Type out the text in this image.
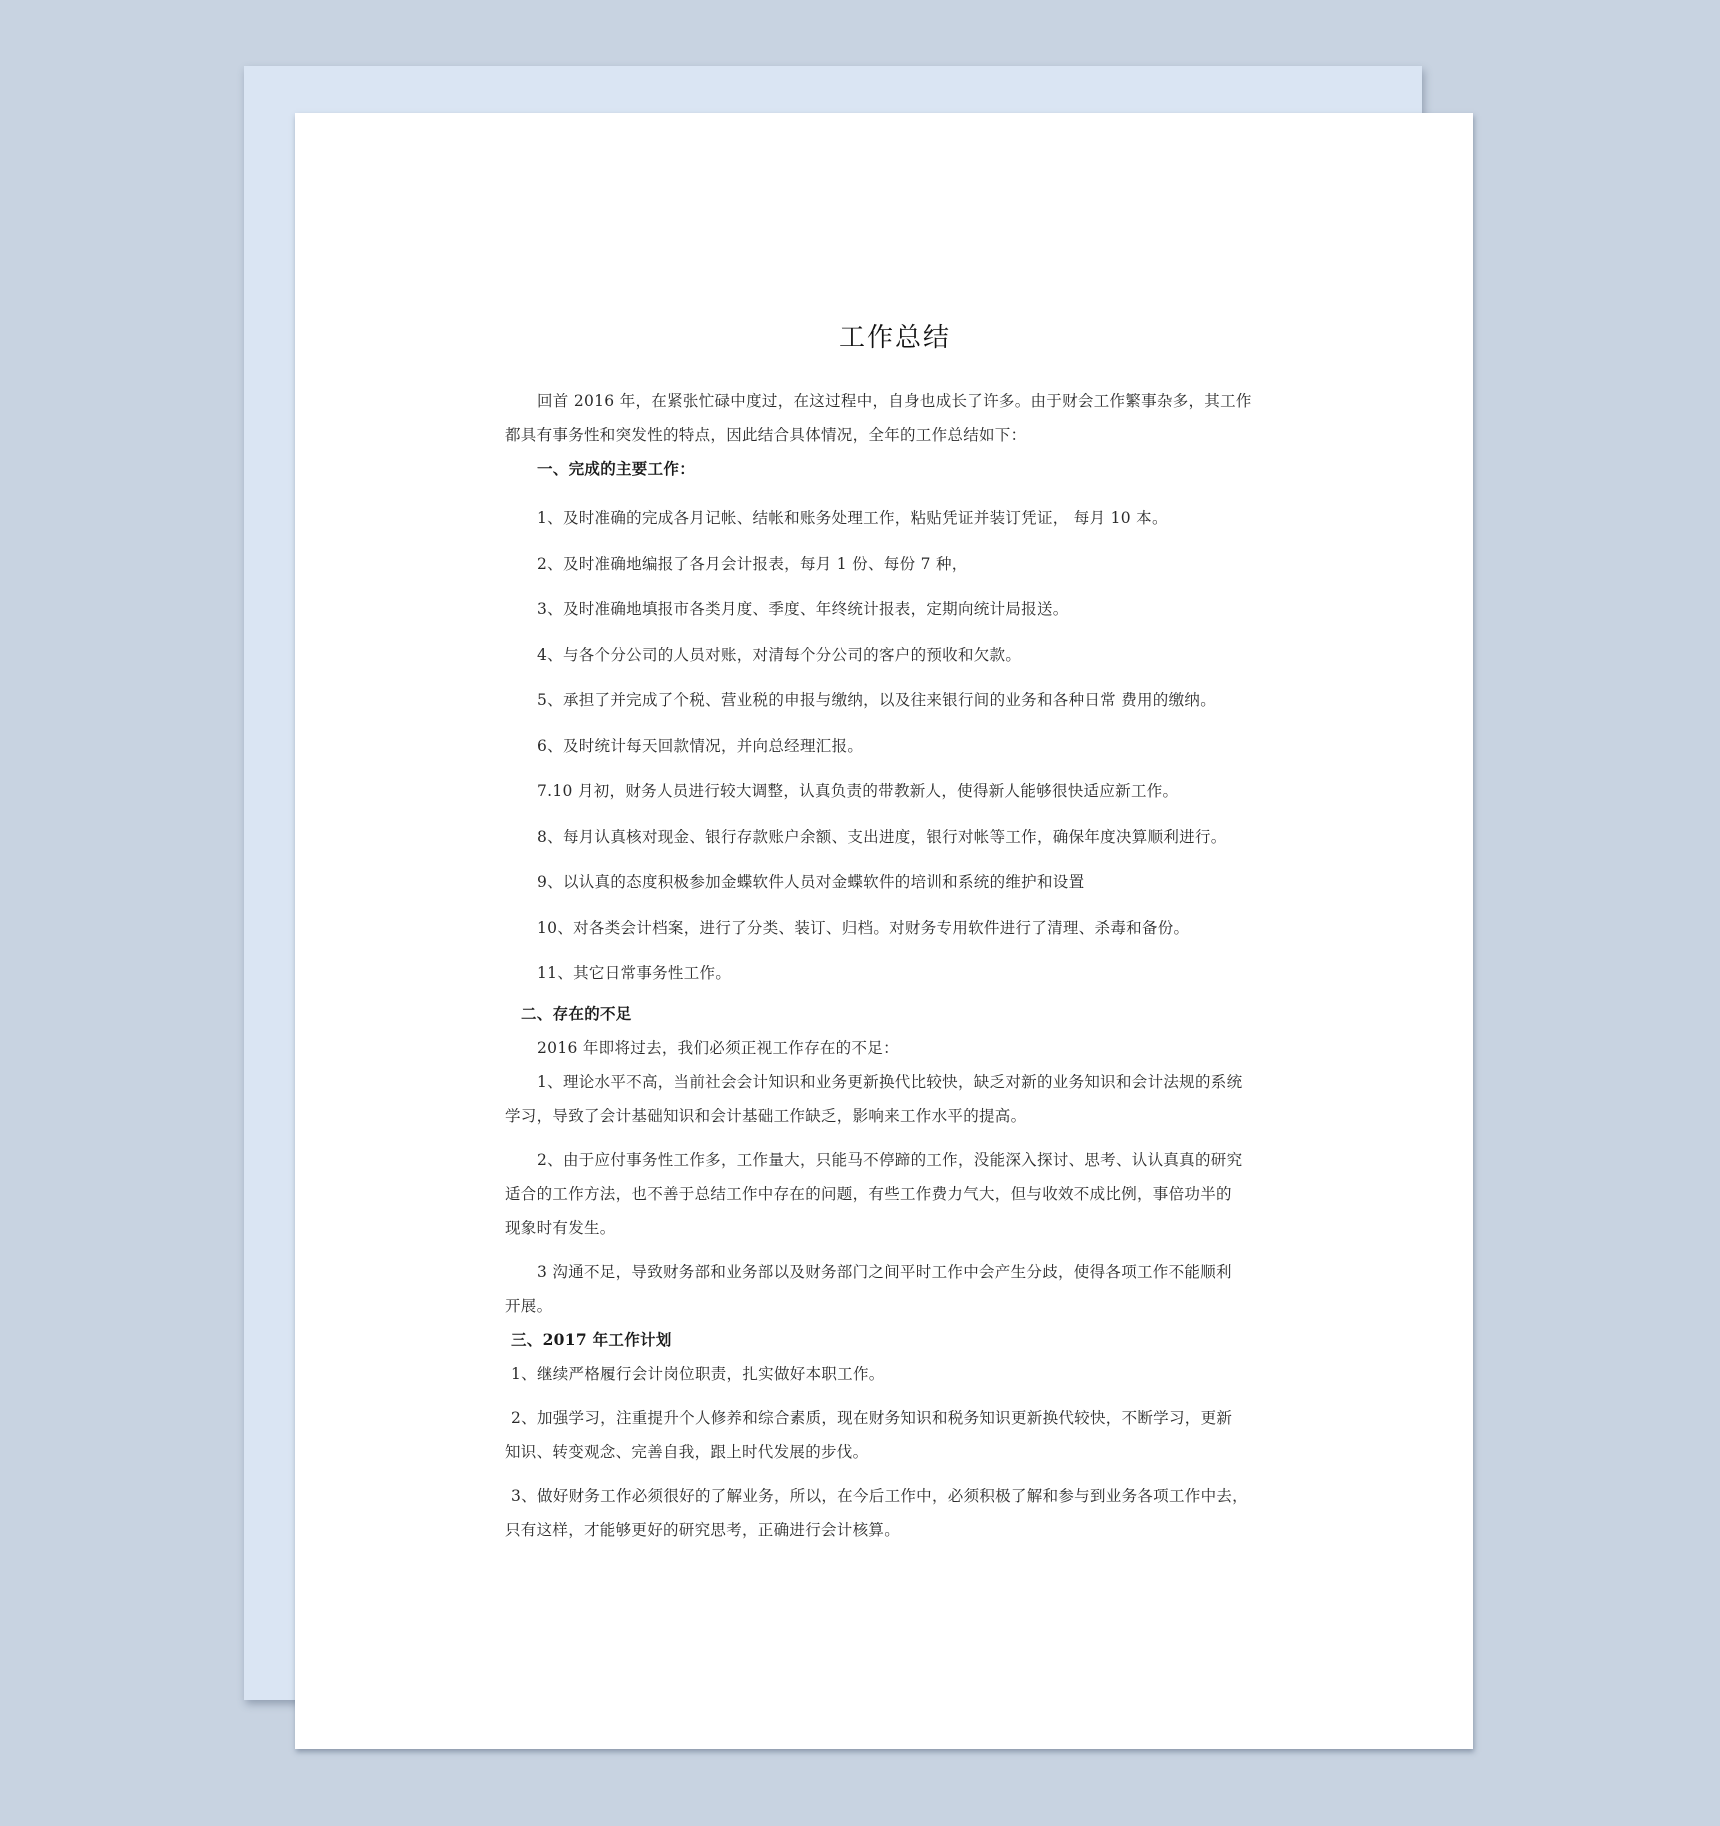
工作总结

回首 2016 年，在紧张忙碌中度过，在这过程中，自身也成长了许多。由于财会工作繁事杂多，其工作

都具有事务性和突发性的特点，因此结合具体情况，全年的工作总结如下：

一、完成的主要工作：

1、及时准确的完成各月记帐、结帐和账务处理工作，粘贴凭证并装订凭证， 每月 10 本。

2、及时准确地编报了各月会计报表，每月 1 份、每份 7 种，

3、及时准确地填报市各类月度、季度、年终统计报表，定期向统计局报送。

4、与各个分公司的人员对账，对清每个分公司的客户的预收和欠款。

5、承担了并完成了个税、营业税的申报与缴纳，以及往来银行间的业务和各种日常 费用的缴纳。

6、及时统计每天回款情况，并向总经理汇报。

7.10 月初，财务人员进行较大调整，认真负责的带教新人，使得新人能够很快适应新工作。

8、每月认真核对现金、银行存款账户余额、支出进度，银行对帐等工作，确保年度决算顺利进行。

9、以认真的态度积极参加金蝶软件人员对金蝶软件的培训和系统的维护和设置

10、对各类会计档案，进行了分类、装订、归档。对财务专用软件进行了清理、杀毒和备份。

11、其它日常事务性工作。

二、存在的不足

2016 年即将过去，我们必须正视工作存在的不足：

1、理论水平不高，当前社会会计知识和业务更新换代比较快，缺乏对新的业务知识和会计法规的系统

学习，导致了会计基础知识和会计基础工作缺乏，影响来工作水平的提高。

2、由于应付事务性工作多，工作量大，只能马不停蹄的工作，没能深入探讨、思考、认认真真的研究

适合的工作方法，也不善于总结工作中存在的问题，有些工作费力气大，但与收效不成比例，事倍功半的

现象时有发生。

3 沟通不足，导致财务部和业务部以及财务部门之间平时工作中会产生分歧，使得各项工作不能顺利

开展。

三、2017 年工作计划

1、继续严格履行会计岗位职责，扎实做好本职工作。

2、加强学习，注重提升个人修养和综合素质，现在财务知识和税务知识更新换代较快，不断学习，更新

知识、转变观念、完善自我，跟上时代发展的步伐。

3、做好财务工作必须很好的了解业务，所以，在今后工作中，必须积极了解和参与到业务各项工作中去，

只有这样，才能够更好的研究思考，正确进行会计核算。
